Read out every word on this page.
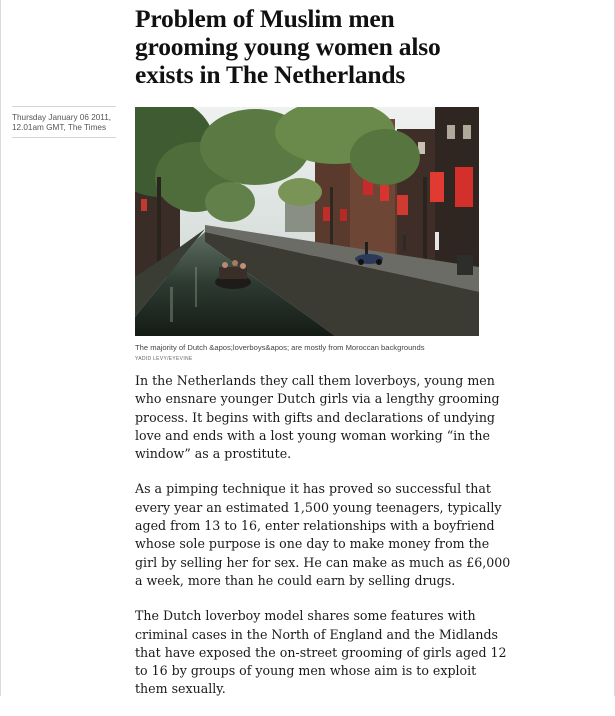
Problem of Muslim men
grooming young women also
exists in The Netherlands
Thursday January 06 2011,
12.01am GMT, The Times

The majority of Dutch &apos;loverboys&apos; are mostly from Moroccan backgrounds

YADID LEVY/EYEVINE

In the Netherlands they call them loverboys, young men
who ensnare younger Dutch girls via a lengthy grooming
process. It begins with gifts and declarations of undying
love and ends with a lost young woman working “in the
window” as a prostitute.

As a pimping technique it has proved so successful that
every year an estimated 1,500 young teenagers, typically
aged from 13 to 16, enter relationships with a boyfriend
whose sole purpose is one day to make money from the
girl by selling her for sex. He can make as much as £6,000
a week, more than he could earn by selling drugs.

The Dutch loverboy model shares some features with
criminal cases in the North of England and the Midlands
that have exposed the on-street grooming of girls aged 12
to 16 by groups of young men whose aim is to exploit
them sexually.
